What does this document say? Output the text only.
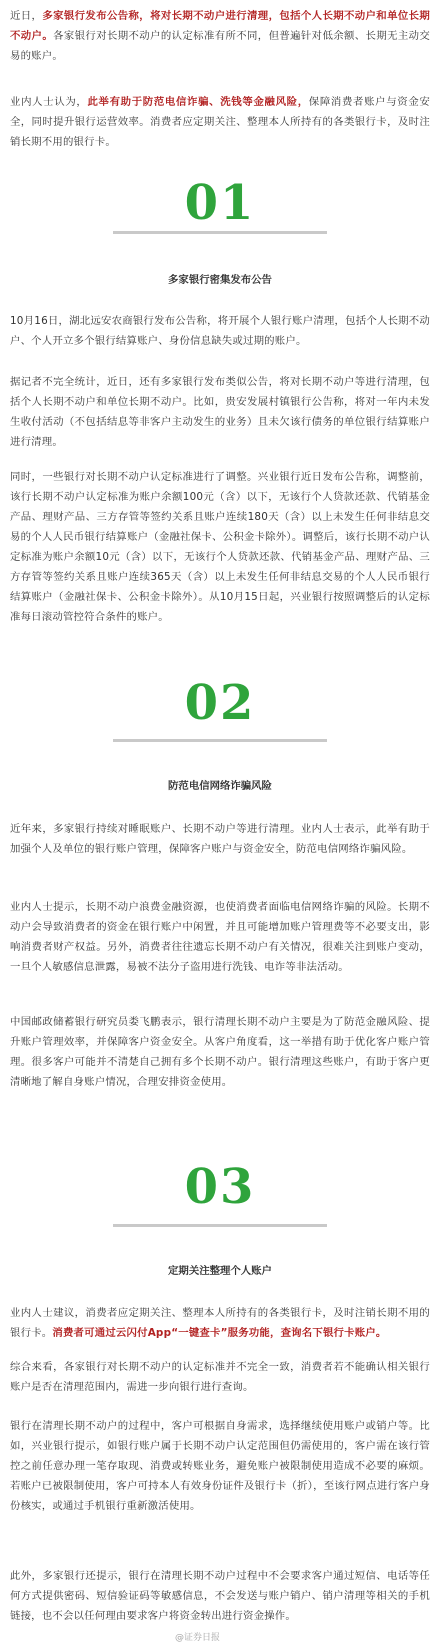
近日，多家银行发布公告称，将对长期不动户进行清理，包括个人长期不动户和单位长期不动户。各家银行对长期不动户的认定标准有所不同，但普遍针对低余额、长期无主动交易的账户。

业内人士认为，此举有助于防范电信诈骗、洗钱等金融风险，保障消费者账户与资金安全，同时提升银行运营效率。消费者应定期关注、整理本人所持有的各类银行卡，及时注销长期不用的银行卡。

01
多家银行密集发布公告

10月16日，湖北远安农商银行发布公告称，将开展个人银行账户清理，包括个人长期不动户、个人开立多个银行结算账户、身份信息缺失或过期的账户。

据记者不完全统计，近日，还有多家银行发布类似公告，将对长期不动户等进行清理，包括个人长期不动户和单位长期不动户。比如，贵安发展村镇银行公告称，将对一年内未发生收付活动（不包括结息等非客户主动发生的业务）且未欠该行债务的单位银行结算账户进行清理。

同时，一些银行对长期不动户认定标准进行了调整。兴业银行近日发布公告称，调整前，该行长期不动户认定标准为账户余额100元（含）以下，无该行个人贷款还款、代销基金产品、理财产品、三方存管等签约关系且账户连续180天（含）以上未发生任何非结息交易的个人人民币银行结算账户（金融社保卡、公积金卡除外）。调整后，该行长期不动户认定标准为账户余额10元（含）以下，无该行个人贷款还款、代销基金产品、理财产品、三方存管等签约关系且账户连续365天（含）以上未发生任何非结息交易的个人人民币银行结算账户（金融社保卡、公积金卡除外）。从10月15日起，兴业银行按照调整后的认定标准每日滚动管控符合条件的账户。

02
防范电信网络诈骗风险

近年来，多家银行持续对睡眠账户、长期不动户等进行清理。业内人士表示，此举有助于加强个人及单位的银行账户管理，保障客户账户与资金安全，防范电信网络诈骗风险。

业内人士提示，长期不动户浪费金融资源，也使消费者面临电信网络诈骗的风险。长期不动户会导致消费者的资金在银行账户中闲置，并且可能增加账户管理费等不必要支出，影响消费者财产权益。另外，消费者往往遗忘长期不动户有关情况，很难关注到账户变动，一旦个人敏感信息泄露，易被不法分子盗用进行洗钱、电诈等非法活动。

中国邮政储蓄银行研究员娄飞鹏表示，银行清理长期不动户主要是为了防范金融风险、提升账户管理效率，并保障客户资金安全。从客户角度看，这一举措有助于优化客户账户管理。很多客户可能并不清楚自己拥有多个长期不动户。银行清理这些账户，有助于客户更清晰地了解自身账户情况，合理安排资金使用。

03
定期关注整理个人账户

业内人士建议，消费者应定期关注、整理本人所持有的各类银行卡，及时注销长期不用的银行卡。消费者可通过云闪付App“一键查卡”服务功能，查询名下银行卡账户。

综合来看，各家银行对长期不动户的认定标准并不完全一致，消费者若不能确认相关银行账户是否在清理范围内，需进一步向银行进行查询。

银行在清理长期不动户的过程中，客户可根据自身需求，选择继续使用账户或销户等。比如，兴业银行提示，如银行账户属于长期不动户认定范围但仍需使用的，客户需在该行管控之前任意办理一笔存取现、消费或转账业务，避免账户被限制使用造成不必要的麻烦。若账户已被限制使用，客户可持本人有效身份证件及银行卡（折），至该行网点进行客户身份核实，或通过手机银行重新激活使用。

此外，多家银行还提示，银行在清理长期不动户过程中不会要求客户通过短信、电话等任何方式提供密码、短信验证码等敏感信息，不会发送与账户销户、销户清理等相关的手机链接，也不会以任何理由要求客户将资金转出进行资金操作。

@证券日报
